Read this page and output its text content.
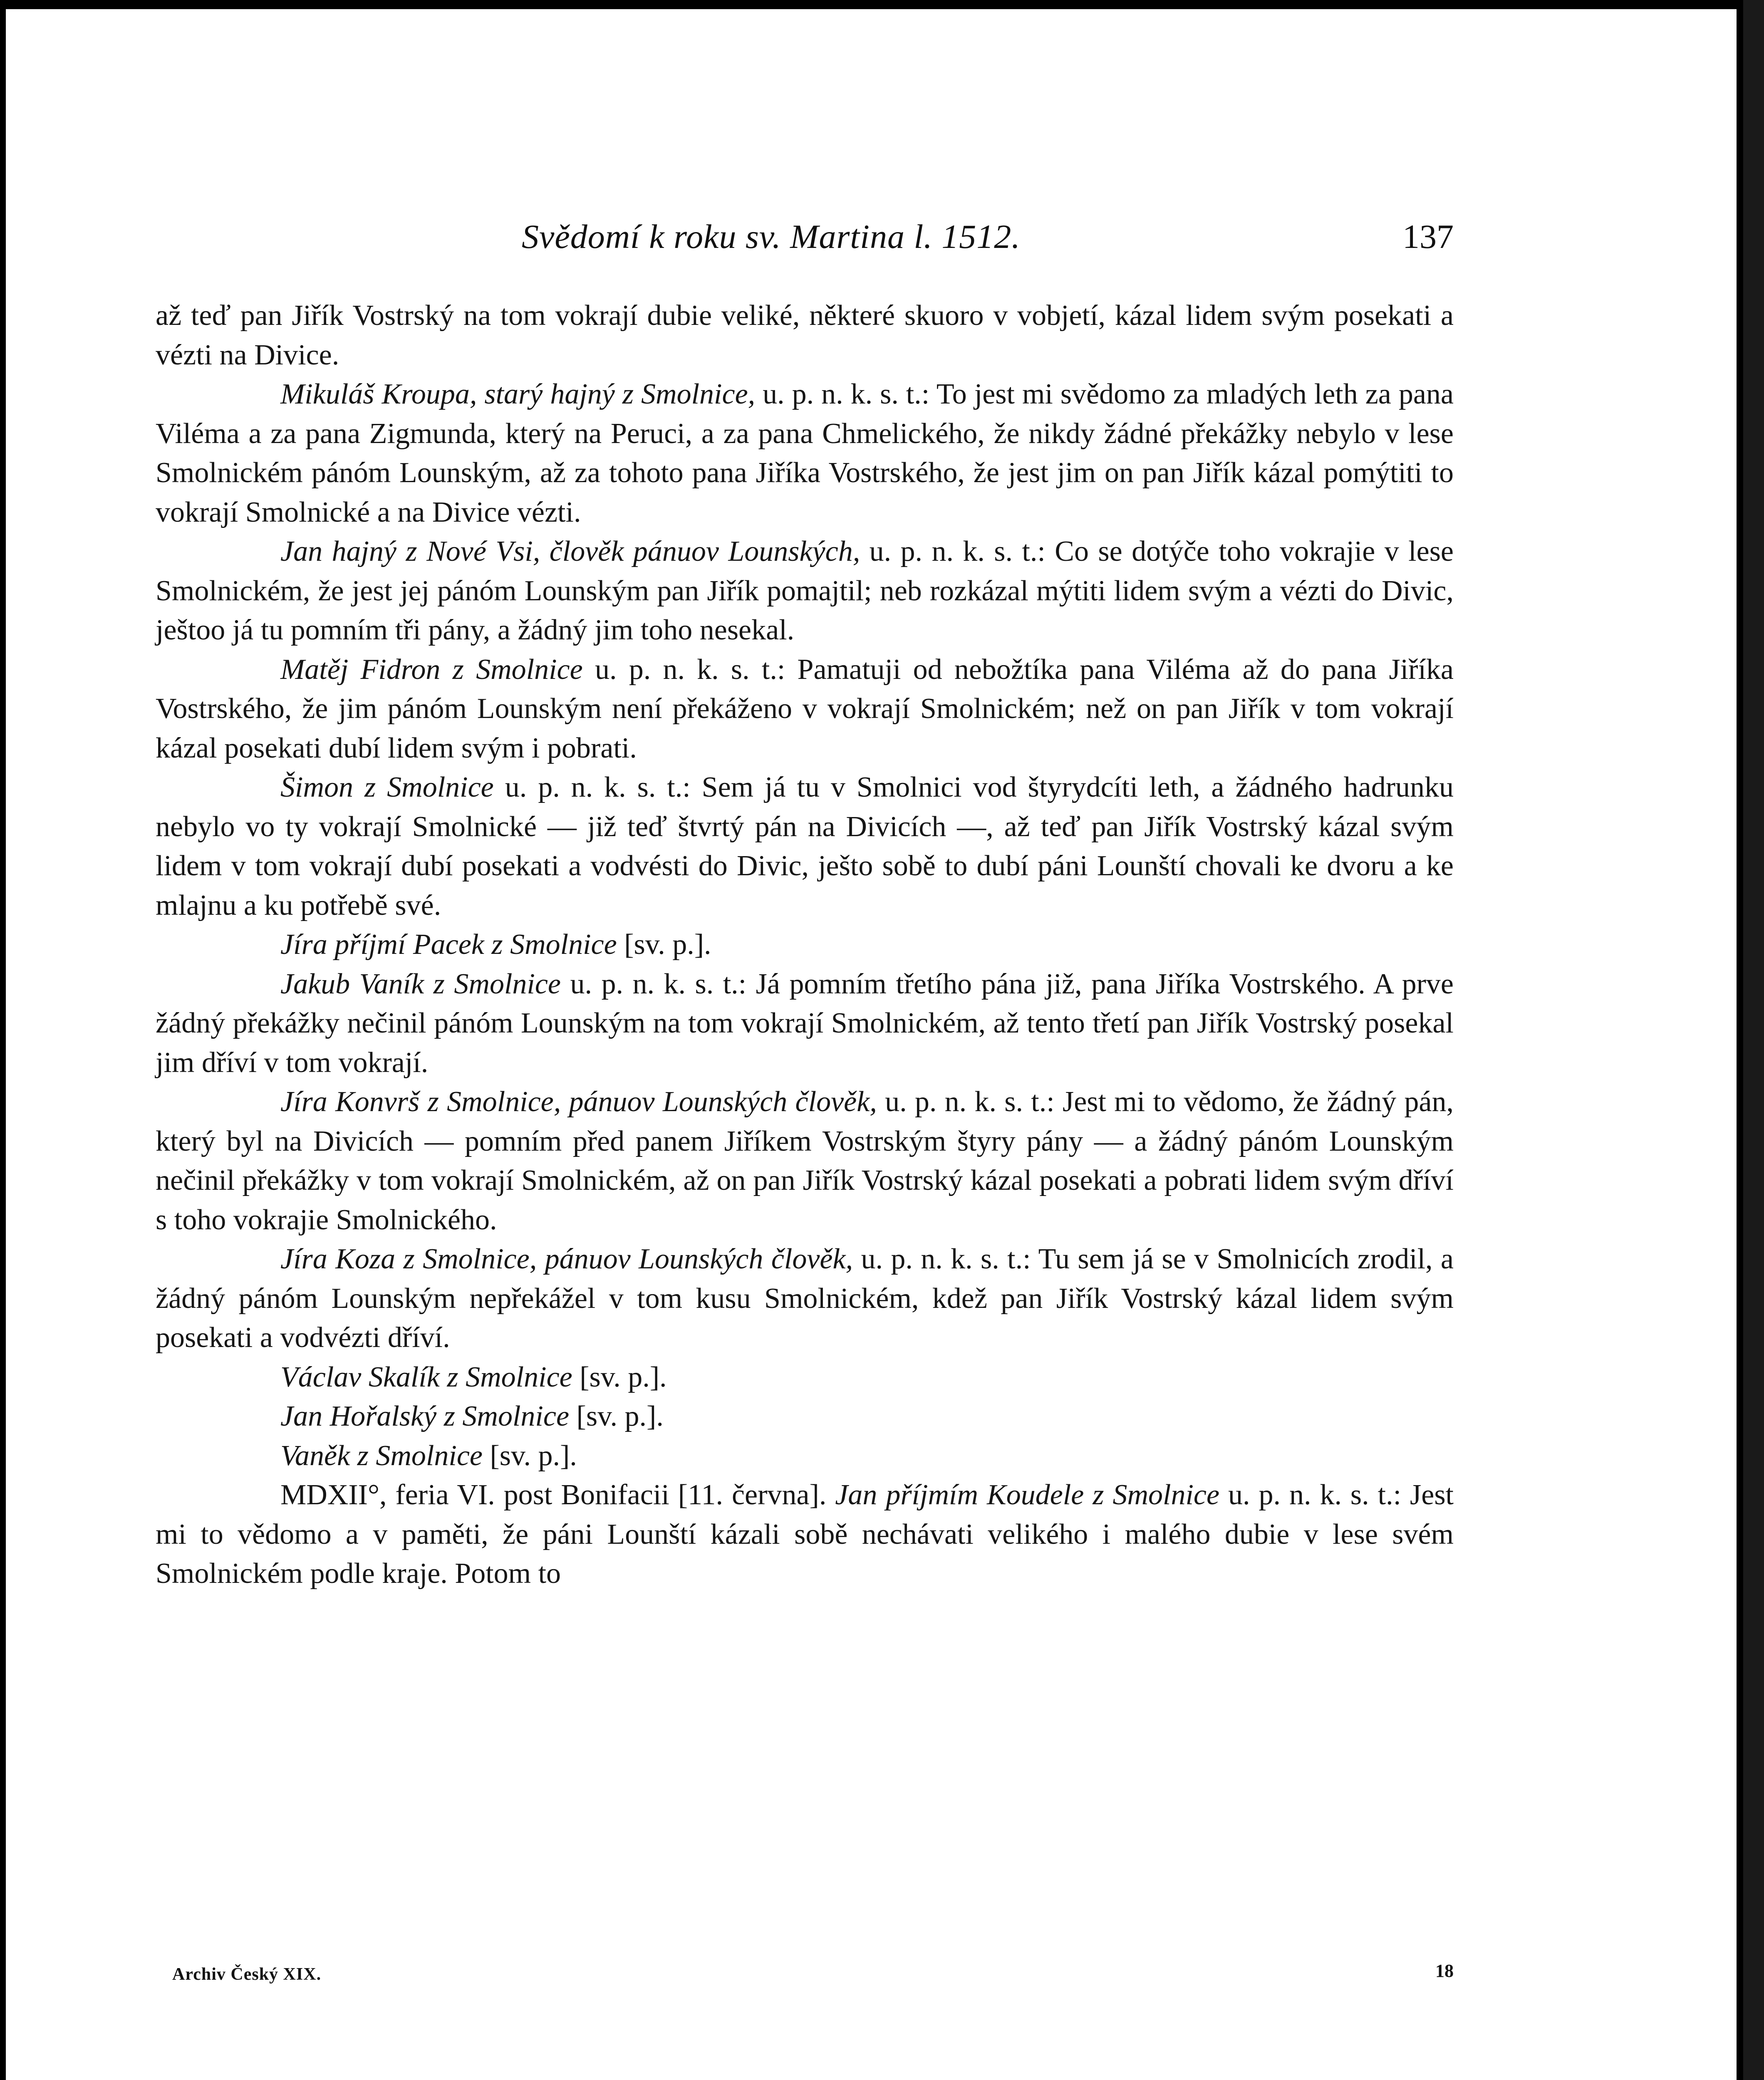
Svědomí k roku sv. Martina l. 1512.	137

až teď pan Jiřík Vostrský na tom vokrají dubie veliké, některé skuoro v vobjetí, kázal lidem svým posekati a vézti na Divice.

Mikuláš Kroupa, starý hajný z Smolnice, u. p. n. k. s. t.: To jest mi svědomo za mladých leth za pana Viléma a za pana Zigmunda, který na Peruci, a za pana Chmelického, že nikdy žádné překážky nebylo v lese Smolnickém pánóm Lounským, až za tohoto pana Jiříka Vostrského, že jest jim on pan Jiřík kázal pomýtiti to vokrají Smolnické a na Divice vézti.

Jan hajný z Nové Vsi, člověk pánuov Lounských, u. p. n. k. s. t.: Co se dotýče toho vokrajie v lese Smolnickém, že jest jej pánóm Lounským pan Jiřík pomajtil; neb rozkázal mýtiti lidem svým a vézti do Divic, ještoo já tu pomním tři pány, a žádný jim toho nesekal.

Matěj Fidron z Smolnice u. p. n. k. s. t.: Pamatuji od nebožtíka pana Viléma až do pana Jiříka Vostrského, že jim pánóm Lounským není překáženo v vokrají Smolnickém; než on pan Jiřík v tom vokrají kázal posekati dubí lidem svým i pobrati.

Šimon z Smolnice u. p. n. k. s. t.: Sem já tu v Smolnici vod štyrydcíti leth, a žádného hadrunku nebylo vo ty vokrají Smolnické — již teď štvrtý pán na Divicích —, až teď pan Jiřík Vostrský kázal svým lidem v tom vokrají dubí posekati a vodvésti do Divic, ješto sobě to dubí páni Lounští chovali ke dvoru a ke mlajnu a ku potřebě své.

Jíra příjmí Pacek z Smolnice [sv. p.].

Jakub Vaník z Smolnice u. p. n. k. s. t.: Já pomním třetího pána již, pana Jiříka Vostrského. A prve žádný překážky nečinil pánóm Lounským na tom vokrají Smolnickém, až tento třetí pan Jiřík Vostrský posekal jim dříví v tom vokrají.

Jíra Konvrš z Smolnice, pánuov Lounských člověk, u. p. n. k. s. t.: Jest mi to vědomo, že žádný pán, který byl na Divicích — pomním před panem Jiříkem Vostrským štyry pány — a žádný pánóm Lounským nečinil překážky v tom vokrají Smolnickém, až on pan Jiřík Vostrský kázal posekati a pobrati lidem svým dříví s toho vokrajie Smolnického.

Jíra Koza z Smolnice, pánuov Lounských člověk, u. p. n. k. s. t.: Tu sem já se v Smolnicích zrodil, a žádný pánóm Lounským nepřekážel v tom kusu Smolnickém, kdež pan Jiřík Vostrský kázal lidem svým posekati a vodvézti dříví.

Václav Skalík z Smolnice [sv. p.].

Jan Hořalský z Smolnice [sv. p.].

Vaněk z Smolnice [sv. p.].

MDXII°, feria VI. post Bonifacii [11. června]. Jan příjmím Koudele z Smolnice u. p. n. k. s. t.: Jest mi to vědomo a v paměti, že páni Lounští kázali sobě nechávati velikého i malého dubie v lese svém Smolnickém podle kraje. Potom to

Archiv Český XIX.	18
